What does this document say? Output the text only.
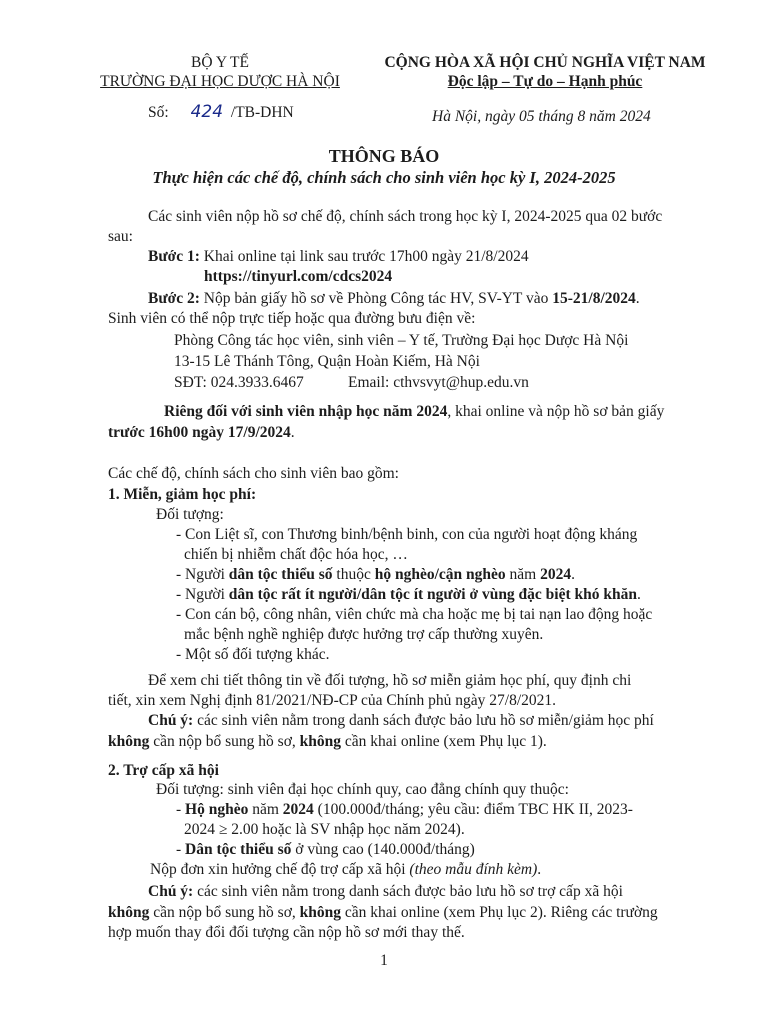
BỘ Y TẾ
TRƯỜNG ĐẠI HỌC DƯỢC HÀ NỘI
Số: 424 /TB-DHN
CỘNG HÒA XÃ HỘI CHỦ NGHĨA VIỆT NAM
Độc lập – Tự do – Hạnh phúc
Hà Nội, ngày 05 tháng 8 năm 2024
THÔNG BÁO
Thực hiện các chế độ, chính sách cho sinh viên học kỳ I, 2024-2025
Các sinh viên nộp hồ sơ chế độ, chính sách trong học kỳ I, 2024-2025 qua 02 bước
sau:
Bước 1: Khai online tại link sau trước 17h00 ngày 21/8/2024
https://tinyurl.com/cdcs2024
Bước 2: Nộp bản giấy hồ sơ về Phòng Công tác HV, SV-YT vào 15-21/8/2024.
Sinh viên có thể nộp trực tiếp hoặc qua đường bưu điện về:
Phòng Công tác học viên, sinh viên – Y tế, Trường Đại học Dược Hà Nội
13-15 Lê Thánh Tông, Quận Hoàn Kiếm, Hà Nội
SĐT: 024.3933.6467	Email: cthvsvyt@hup.edu.vn
Riêng đối với sinh viên nhập học năm 2024, khai online và nộp hồ sơ bản giấy
trước 16h00 ngày 17/9/2024.
Các chế độ, chính sách cho sinh viên bao gồm:
1. Miễn, giảm học phí:
Đối tượng:
- Con Liệt sĩ, con Thương binh/bệnh binh, con của người hoạt động kháng
chiến bị nhiễm chất độc hóa học, …
- Người dân tộc thiểu số thuộc hộ nghèo/cận nghèo năm 2024.
- Người dân tộc rất ít người/dân tộc ít người ở vùng đặc biệt khó khăn.
- Con cán bộ, công nhân, viên chức mà cha hoặc mẹ bị tai nạn lao động hoặc
mắc bệnh nghề nghiệp được hưởng trợ cấp thường xuyên.
- Một số đối tượng khác.
Để xem chi tiết thông tin về đối tượng, hồ sơ miễn giảm học phí, quy định chi
tiết, xin xem Nghị định 81/2021/NĐ-CP của Chính phủ ngày 27/8/2021.
Chú ý: các sinh viên nằm trong danh sách được bảo lưu hồ sơ miễn/giảm học phí
không cần nộp bổ sung hồ sơ, không cần khai online (xem Phụ lục 1).
2. Trợ cấp xã hội
Đối tượng: sinh viên đại học chính quy, cao đẳng chính quy thuộc:
- Hộ nghèo năm 2024 (100.000đ/tháng; yêu cầu: điểm TBC HK II, 2023-
2024 ≥ 2.00 hoặc là SV nhập học năm 2024).
- Dân tộc thiểu số ở vùng cao (140.000đ/tháng)
Nộp đơn xin hưởng chế độ trợ cấp xã hội (theo mẫu đính kèm).
Chú ý: các sinh viên nằm trong danh sách được bảo lưu hồ sơ trợ cấp xã hội
không cần nộp bổ sung hồ sơ, không cần khai online (xem Phụ lục 2). Riêng các trường
hợp muốn thay đổi đối tượng cần nộp hồ sơ mới thay thế.
1
